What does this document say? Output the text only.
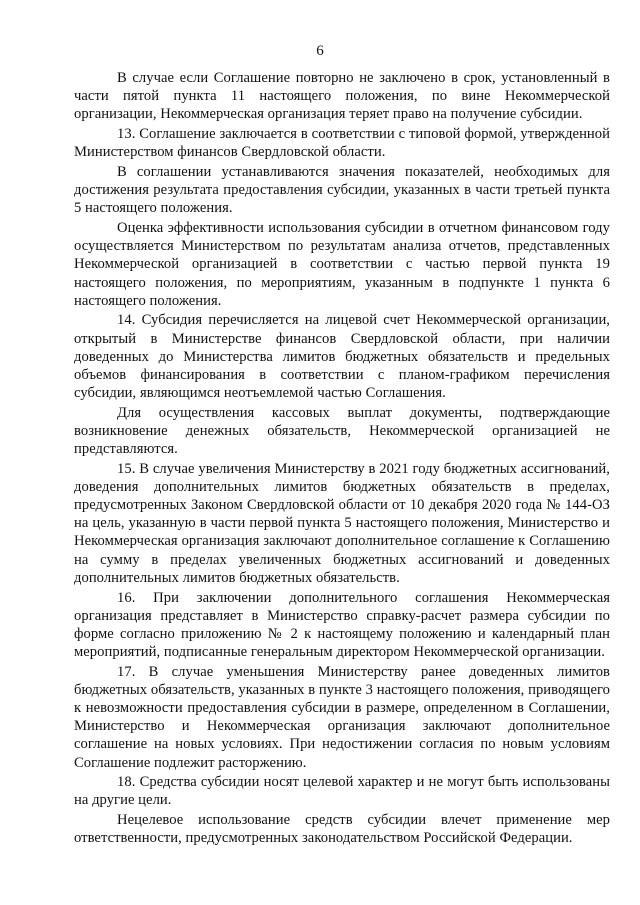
6

В случае если Соглашение повторно не заключено в срок, установленный в части пятой пункта 11 настоящего положения, по вине Некоммерческой организации, Некоммерческая организация теряет право на получение субсидии.

13. Соглашение заключается в соответствии с типовой формой, утвержденной Министерством финансов Свердловской области.

В соглашении устанавливаются значения показателей, необходимых для достижения результата предоставления субсидии, указанных в части третьей пункта 5 настоящего положения.

Оценка эффективности использования субсидии в отчетном финансовом году осуществляется Министерством по результатам анализа отчетов, представленных Некоммерческой организацией в соответствии с частью первой пункта 19 настоящего положения, по мероприятиям, указанным в подпункте 1 пункта 6 настоящего положения.

14. Субсидия перечисляется на лицевой счет Некоммерческой организации, открытый в Министерстве финансов Свердловской области, при наличии доведенных до Министерства лимитов бюджетных обязательств и предельных объемов финансирования в соответствии с планом-графиком перечисления субсидии, являющимся неотъемлемой частью Соглашения.

Для осуществления кассовых выплат документы, подтверждающие возникновение денежных обязательств, Некоммерческой организацией не представляются.

15. В случае увеличения Министерству в 2021 году бюджетных ассигнований, доведения дополнительных лимитов бюджетных обязательств в пределах, предусмотренных Законом Свердловской области от 10 декабря 2020 года № 144-ОЗ на цель, указанную в части первой пункта 5 настоящего положения, Министерство и Некоммерческая организация заключают дополнительное соглашение к Соглашению на сумму в пределах увеличенных бюджетных ассигнований и доведенных дополнительных лимитов бюджетных обязательств.

16. При заключении дополнительного соглашения Некоммерческая организация представляет в Министерство справку-расчет размера субсидии по форме согласно приложению № 2 к настоящему положению и календарный план мероприятий, подписанные генеральным директором Некоммерческой организации.

17. В случае уменьшения Министерству ранее доведенных лимитов бюджетных обязательств, указанных в пункте 3 настоящего положения, приводящего к невозможности предоставления субсидии в размере, определенном в Соглашении, Министерство и Некоммерческая организация заключают дополнительное соглашение на новых условиях. При недостижении согласия по новым условиям Соглашение подлежит расторжению.

18. Средства субсидии носят целевой характер и не могут быть использованы на другие цели.

Нецелевое использование средств субсидии влечет применение мер ответственности, предусмотренных законодательством Российской Федерации.
